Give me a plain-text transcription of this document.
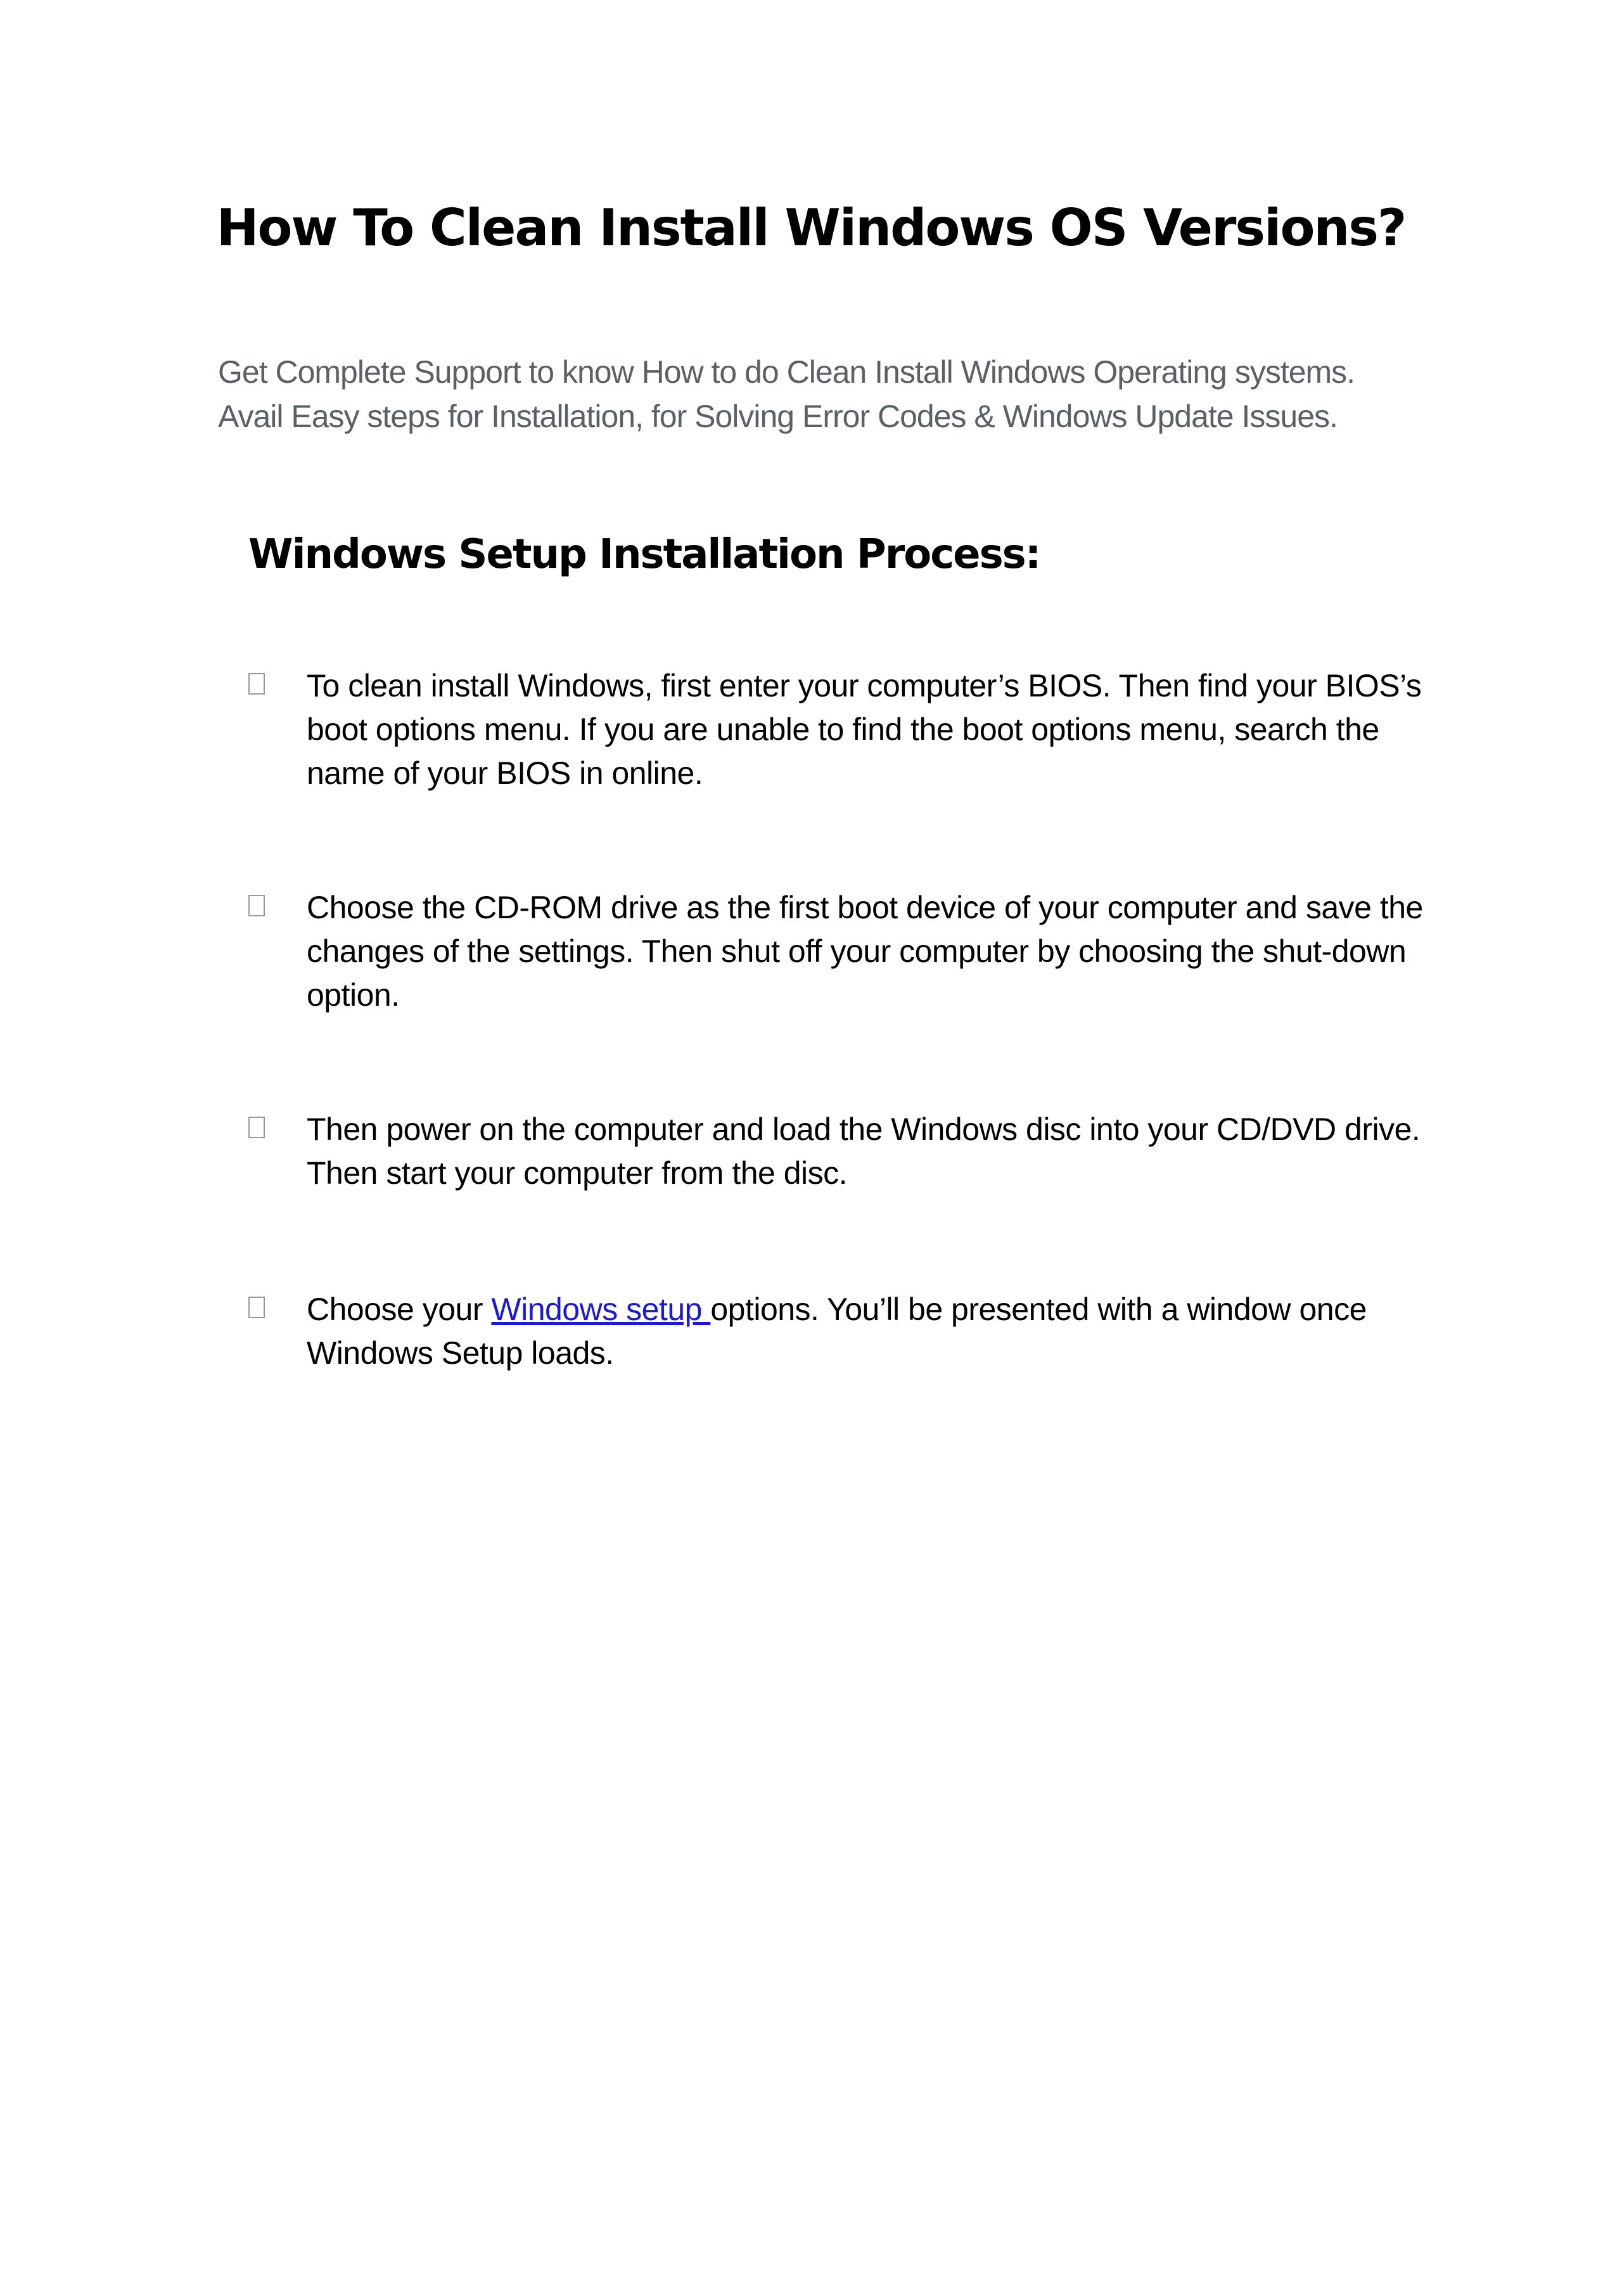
How To Clean Install Windows OS Versions?

Get Complete Support to know How to do Clean Install Windows Operating systems.
Avail Easy steps for Installation, for Solving Error Codes & Windows Update Issues.

Windows Setup Installation Process:
To clean install Windows, first enter your computer’s BIOS. Then find your BIOS’s
boot options menu. If you are unable to find the boot options menu, search the
name of your BIOS in online.
Choose the CD-ROM drive as the first boot device of your computer and save the
changes of the settings. Then shut off your computer by choosing the shut-down
option.
Then power on the computer and load the Windows disc into your CD/DVD drive.
Then start your computer from the disc.
Choose your Windows setup options. You’ll be presented with a window once
Windows Setup loads.
